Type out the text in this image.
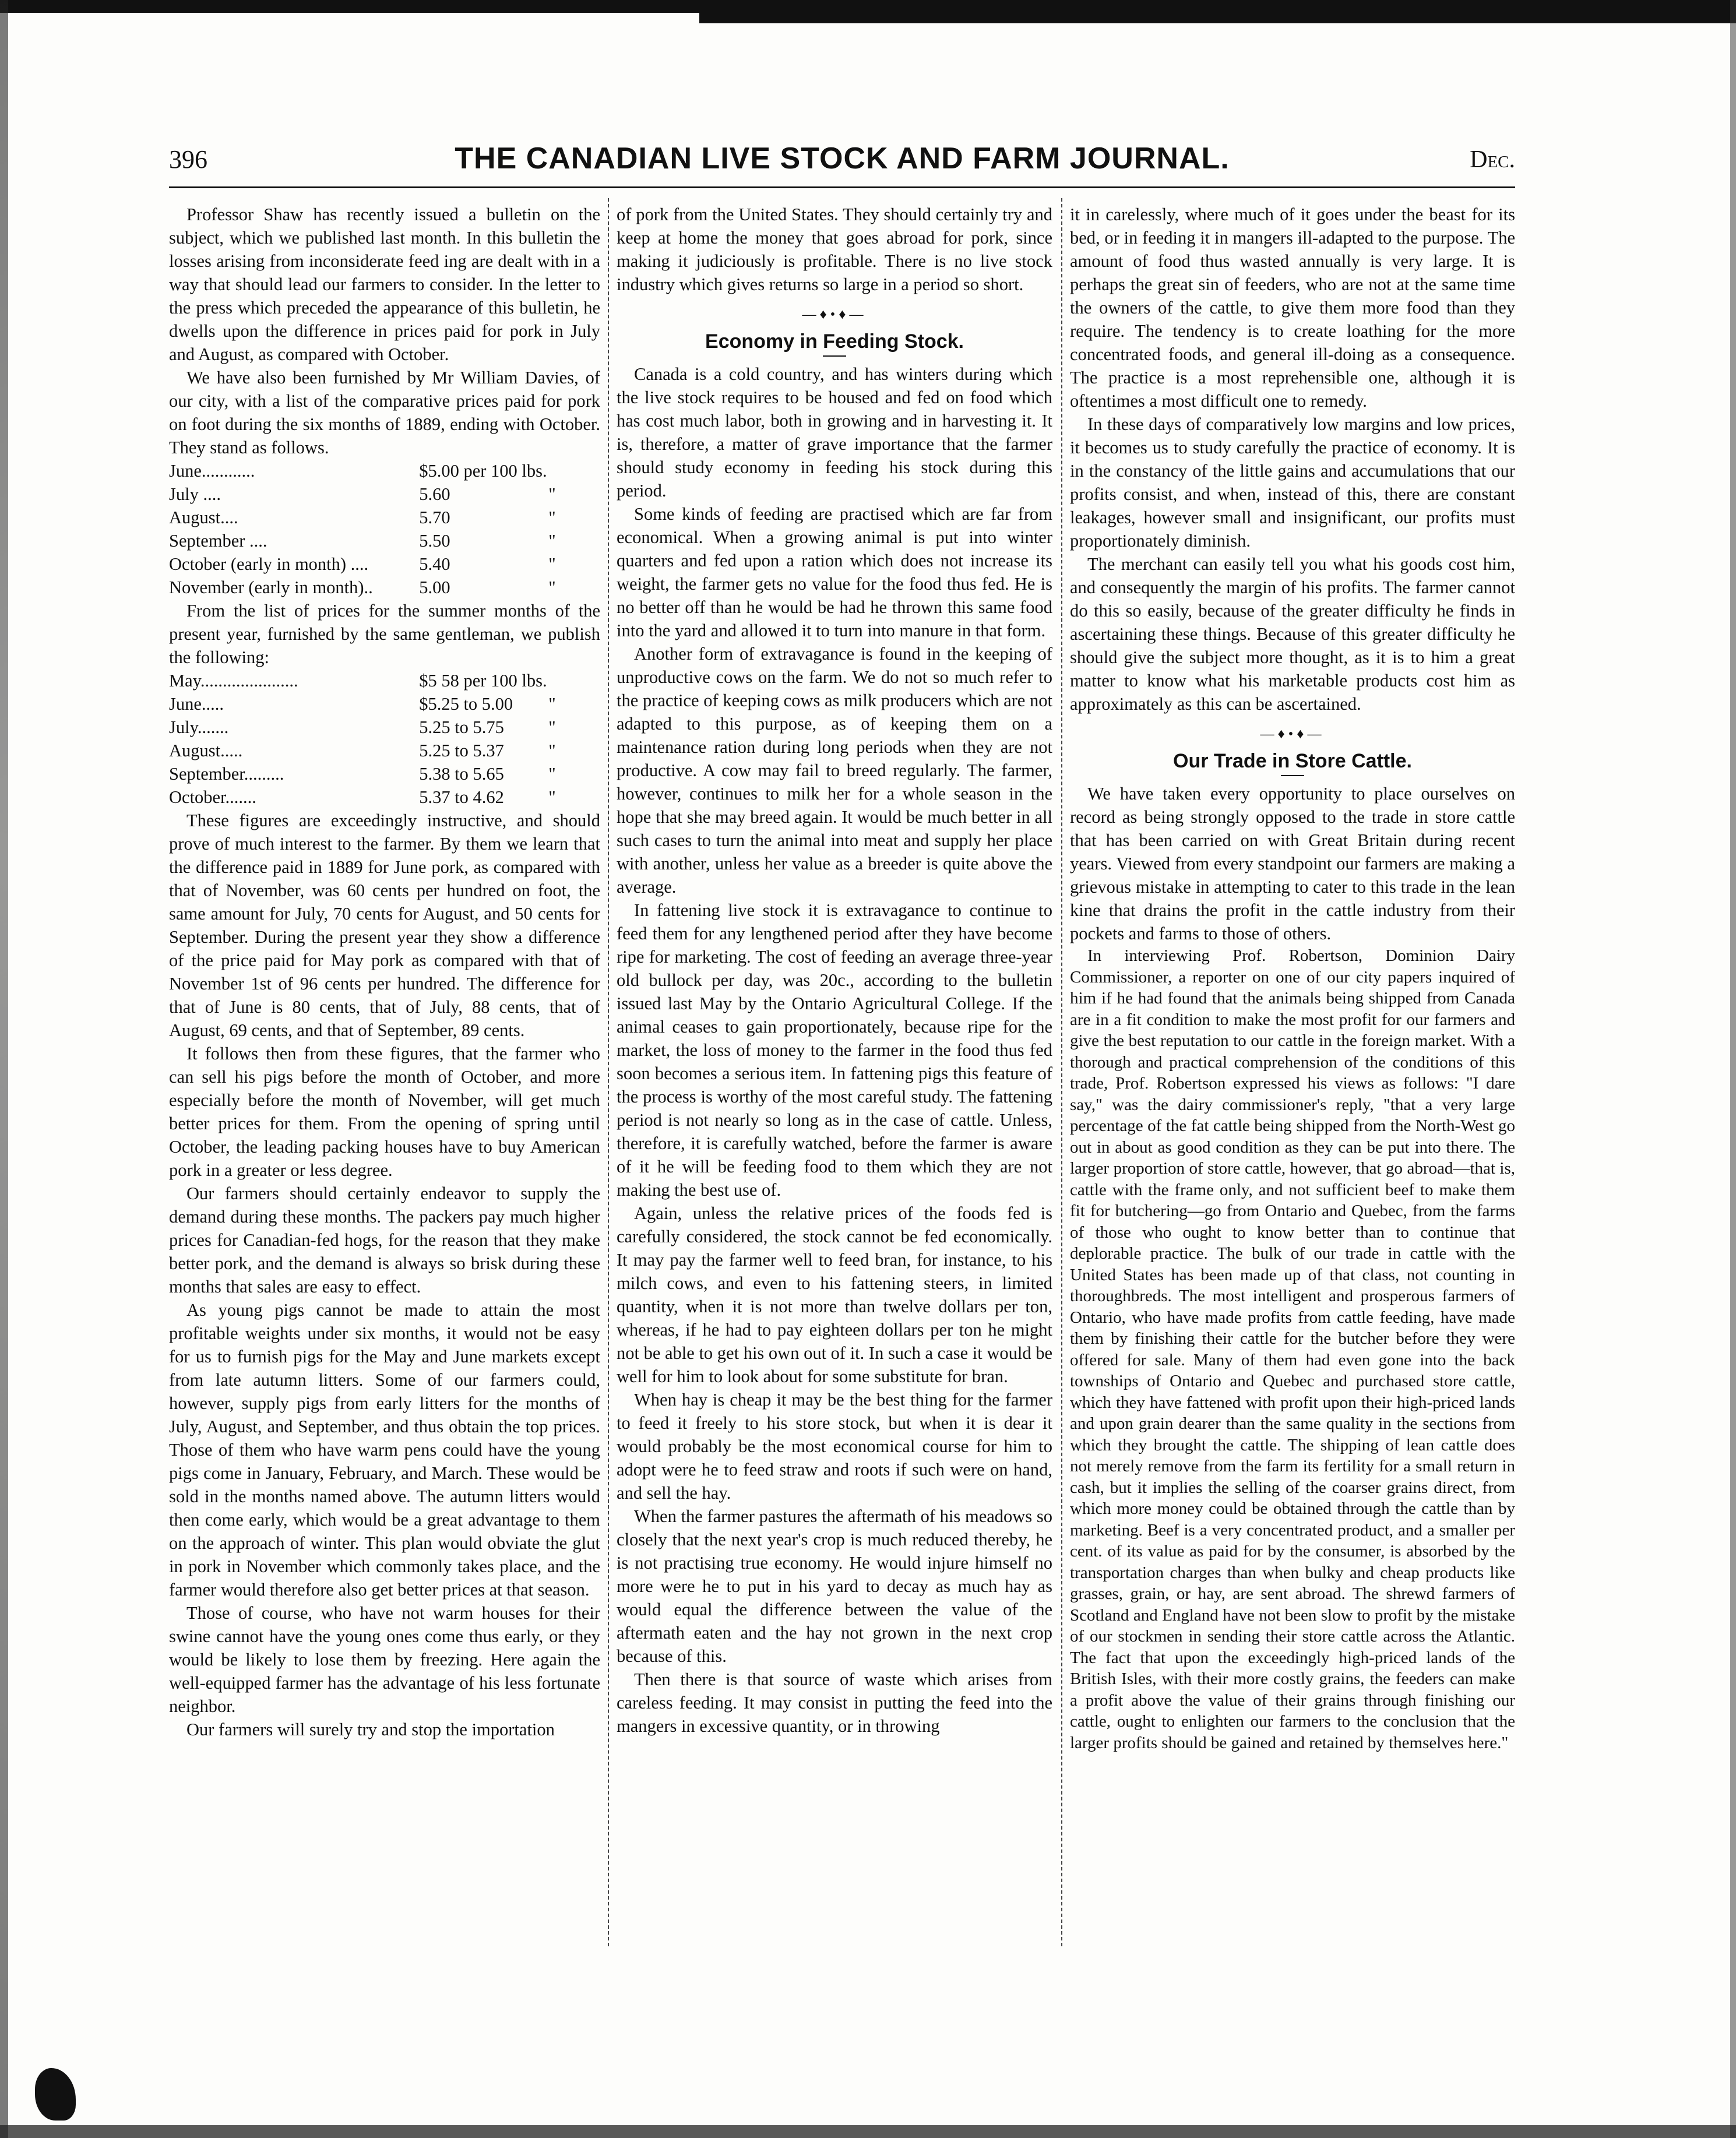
396	THE CANADIAN LIVE STOCK AND FARM JOURNAL.	Dec.

Professor Shaw has recently issued a bulletin on the subject, which we published last month. In this bulletin the losses arising from inconsiderate feed ing are dealt with in a way that should lead our farmers to consider. In the letter to the press which preceded the appearance of this bulletin, he dwells upon the difference in prices paid for pork in July and August, as compared with October.

We have also been furnished by Mr William Davies, of our city, with a list of the comparative prices paid for pork on foot during the six months of 1889, ending with October. They stand as follows.

June............	$5.00 per 100 lbs.	
July ....	5.60	"
August....	5.70	"
September ....	5.50	"
October (early in month) ....	5.40	"
November (early in month)..	5.00	"

From the list of prices for the summer months of the present year, furnished by the same gentleman, we publish the following:

May......................	$5 58 per 100 lbs.	
June.....	$5.25 to 5.00	"
July.......	5.25 to 5.75	"
August.....	5.25 to 5.37	"
September.........	5.38 to 5.65	"
October.......	5.37 to 4.62	"

These figures are exceedingly instructive, and should prove of much interest to the farmer. By them we learn that the difference paid in 1889 for June pork, as compared with that of November, was 60 cents per hundred on foot, the same amount for July, 70 cents for August, and 50 cents for September. During the present year they show a difference of the price paid for May pork as compared with that of November 1st of 96 cents per hundred. The difference for that of June is 80 cents, that of July, 88 cents, that of August, 69 cents, and that of September, 89 cents.

It follows then from these figures, that the farmer who can sell his pigs before the month of October, and more especially before the month of November, will get much better prices for them. From the opening of spring until October, the leading packing houses have to buy American pork in a greater or less degree.

Our farmers should certainly endeavor to supply the demand during these months. The packers pay much higher prices for Canadian-fed hogs, for the reason that they make better pork, and the demand is always so brisk during these months that sales are easy to effect.

As young pigs cannot be made to attain the most profitable weights under six months, it would not be easy for us to furnish pigs for the May and June markets except from late autumn litters. Some of our farmers could, however, supply pigs from early litters for the months of July, August, and September, and thus obtain the top prices. Those of them who have warm pens could have the young pigs come in January, February, and March. These would be sold in the months named above. The autumn litters would then come early, which would be a great advantage to them on the approach of winter. This plan would obviate the glut in pork in November which commonly takes place, and the farmer would therefore also get better prices at that season.

Those of course, who have not warm houses for their swine cannot have the young ones come thus early, or they would be likely to lose them by freezing. Here again the well-equipped farmer has the advantage of his less fortunate neighbor.

Our farmers will surely try and stop the importation

of pork from the United States. They should certainly try and keep at home the money that goes abroad for pork, since making it judiciously is profitable. There is no live stock industry which gives returns so large in a period so short.

—♦•♦—
Economy in Feeding Stock.

Canada is a cold country, and has winters during which the live stock requires to be housed and fed on food which has cost much labor, both in growing and in harvesting it. It is, therefore, a matter of grave importance that the farmer should study economy in feeding his stock during this period.

Some kinds of feeding are practised which are far from economical. When a growing animal is put into winter quarters and fed upon a ration which does not increase its weight, the farmer gets no value for the food thus fed. He is no better off than he would be had he thrown this same food into the yard and allowed it to turn into manure in that form.

Another form of extravagance is found in the keeping of unproductive cows on the farm. We do not so much refer to the practice of keeping cows as milk producers which are not adapted to this purpose, as of keeping them on a maintenance ration during long periods when they are not productive. A cow may fail to breed regularly. The farmer, however, continues to milk her for a whole season in the hope that she may breed again. It would be much better in all such cases to turn the animal into meat and supply her place with another, unless her value as a breeder is quite above the average.

In fattening live stock it is extravagance to continue to feed them for any lengthened period after they have become ripe for marketing. The cost of feeding an average three-year old bullock per day, was 20c., according to the bulletin issued last May by the Ontario Agricultural College. If the animal ceases to gain proportionately, because ripe for the market, the loss of money to the farmer in the food thus fed soon becomes a serious item. In fattening pigs this feature of the process is worthy of the most careful study. The fattening period is not nearly so long as in the case of cattle. Unless, therefore, it is carefully watched, before the farmer is aware of it he will be feeding food to them which they are not making the best use of.

Again, unless the relative prices of the foods fed is carefully considered, the stock cannot be fed economically. It may pay the farmer well to feed bran, for instance, to his milch cows, and even to his fattening steers, in limited quantity, when it is not more than twelve dollars per ton, whereas, if he had to pay eighteen dollars per ton he might not be able to get his own out of it. In such a case it would be well for him to look about for some substitute for bran.

When hay is cheap it may be the best thing for the farmer to feed it freely to his store stock, but when it is dear it would probably be the most economical course for him to adopt were he to feed straw and roots if such were on hand, and sell the hay.

When the farmer pastures the aftermath of his meadows so closely that the next year's crop is much reduced thereby, he is not practising true economy. He would injure himself no more were he to put in his yard to decay as much hay as would equal the difference between the value of the aftermath eaten and the hay not grown in the next crop because of this.

Then there is that source of waste which arises from careless feeding. It may consist in putting the feed into the mangers in excessive quantity, or in throwing

it in carelessly, where much of it goes under the beast for its bed, or in feeding it in mangers ill-adapted to the purpose. The amount of food thus wasted annually is very large. It is perhaps the great sin of feeders, who are not at the same time the owners of the cattle, to give them more food than they require. The tendency is to create loathing for the more concentrated foods, and general ill-doing as a consequence. The practice is a most reprehensible one, although it is oftentimes a most difficult one to remedy.

In these days of comparatively low margins and low prices, it becomes us to study carefully the practice of economy. It is in the constancy of the little gains and accumulations that our profits consist, and when, instead of this, there are constant leakages, however small and insignificant, our profits must proportionately diminish.

The merchant can easily tell you what his goods cost him, and consequently the margin of his profits. The farmer cannot do this so easily, because of the greater difficulty he finds in ascertaining these things. Because of this greater difficulty he should give the subject more thought, as it is to him a great matter to know what his marketable products cost him as approximately as this can be ascertained.

—♦•♦—
Our Trade in Store Cattle.

We have taken every opportunity to place ourselves on record as being strongly opposed to the trade in store cattle that has been carried on with Great Britain during recent years. Viewed from every standpoint our farmers are making a grievous mistake in attempting to cater to this trade in the lean kine that drains the profit in the cattle industry from their pockets and farms to those of others.

In interviewing Prof. Robertson, Dominion Dairy Commissioner, a reporter on one of our city papers inquired of him if he had found that the animals being shipped from Canada are in a fit condition to make the most profit for our farmers and give the best reputation to our cattle in the foreign market. With a thorough and practical comprehension of the conditions of this trade, Prof. Robertson expressed his views as follows: "I dare say," was the dairy commissioner's reply, "that a very large percentage of the fat cattle being shipped from the North-West go out in about as good condition as they can be put into there. The larger proportion of store cattle, however, that go abroad—that is, cattle with the frame only, and not sufficient beef to make them fit for butchering—go from Ontario and Quebec, from the farms of those who ought to know better than to continue that deplorable practice. The bulk of our trade in cattle with the United States has been made up of that class, not counting in thoroughbreds. The most intelligent and prosperous farmers of Ontario, who have made profits from cattle feeding, have made them by finishing their cattle for the butcher before they were offered for sale. Many of them had even gone into the back townships of Ontario and Quebec and purchased store cattle, which they have fattened with profit upon their high-priced lands and upon grain dearer than the same quality in the sections from which they brought the cattle. The shipping of lean cattle does not merely remove from the farm its fertility for a small return in cash, but it implies the selling of the coarser grains direct, from which more money could be obtained through the cattle than by marketing. Beef is a very concentrated product, and a smaller per cent. of its value as paid for by the consumer, is absorbed by the transportation charges than when bulky and cheap products like grasses, grain, or hay, are sent abroad. The shrewd farmers of Scotland and England have not been slow to profit by the mistake of our stockmen in sending their store cattle across the Atlantic. The fact that upon the exceedingly high-priced lands of the British Isles, with their more costly grains, the feeders can make a profit above the value of their grains through finishing our cattle, ought to enlighten our farmers to the conclusion that the larger profits should be gained and retained by themselves here."
